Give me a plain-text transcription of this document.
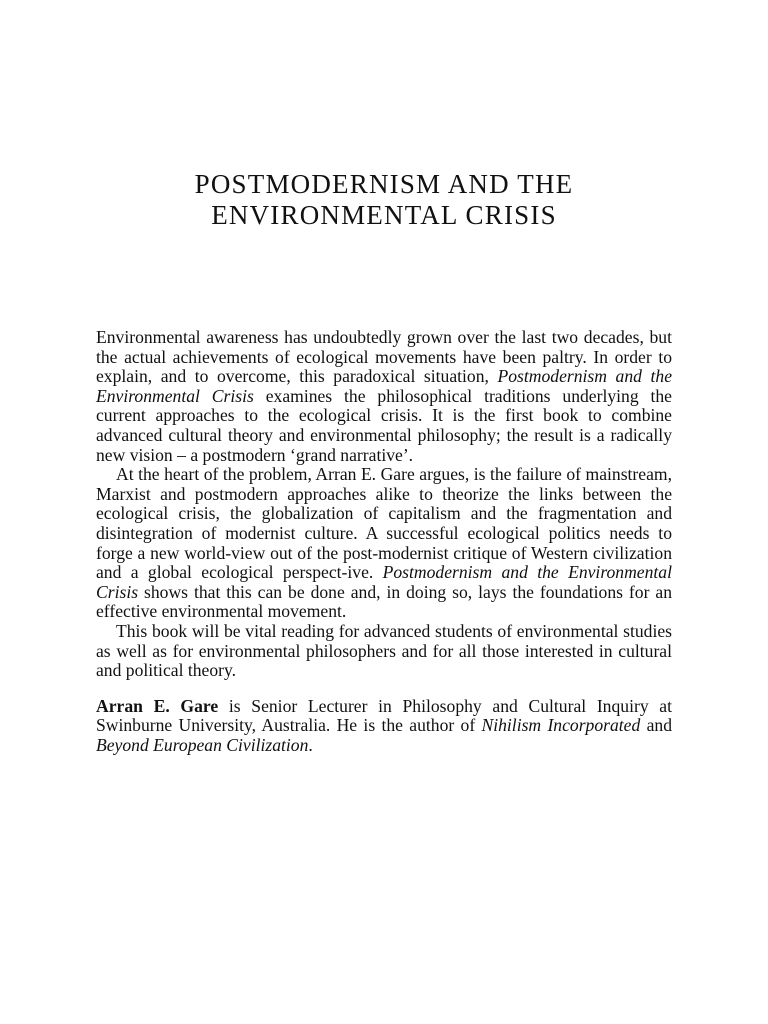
POSTMODERNISM AND THE
ENVIRONMENTAL CRISIS

Environmental awareness has undoubtedly grown over the last two decades, but the actual achievements of ecological movements have been paltry. In order to explain, and to overcome, this paradoxical situation, Postmodernism and the Environmental Crisis examines the philosophical traditions underlying the current approaches to the ecological crisis. It is the first book to combine advanced cultural theory and environmental philosophy; the result is a radically new vision – a postmodern ‘grand narrative’.

At the heart of the problem, Arran E. Gare argues, is the failure of mainstream, Marxist and postmodern approaches alike to theorize the links between the ecological crisis, the globalization of capitalism and the fragmentation and disintegration of modernist culture. A successful ecological politics needs to forge a new world-view out of the post-modernist critique of Western civilization and a global ecological perspect-ive. Postmodernism and the Environmental Crisis shows that this can be done and, in doing so, lays the foundations for an effective environmental movement.

This book will be vital reading for advanced students of environmental studies as well as for environmental philosophers and for all those interested in cultural and political theory.

Arran E. Gare is Senior Lecturer in Philosophy and Cultural Inquiry at Swinburne University, Australia. He is the author of Nihilism Incorporated and Beyond European Civilization.
